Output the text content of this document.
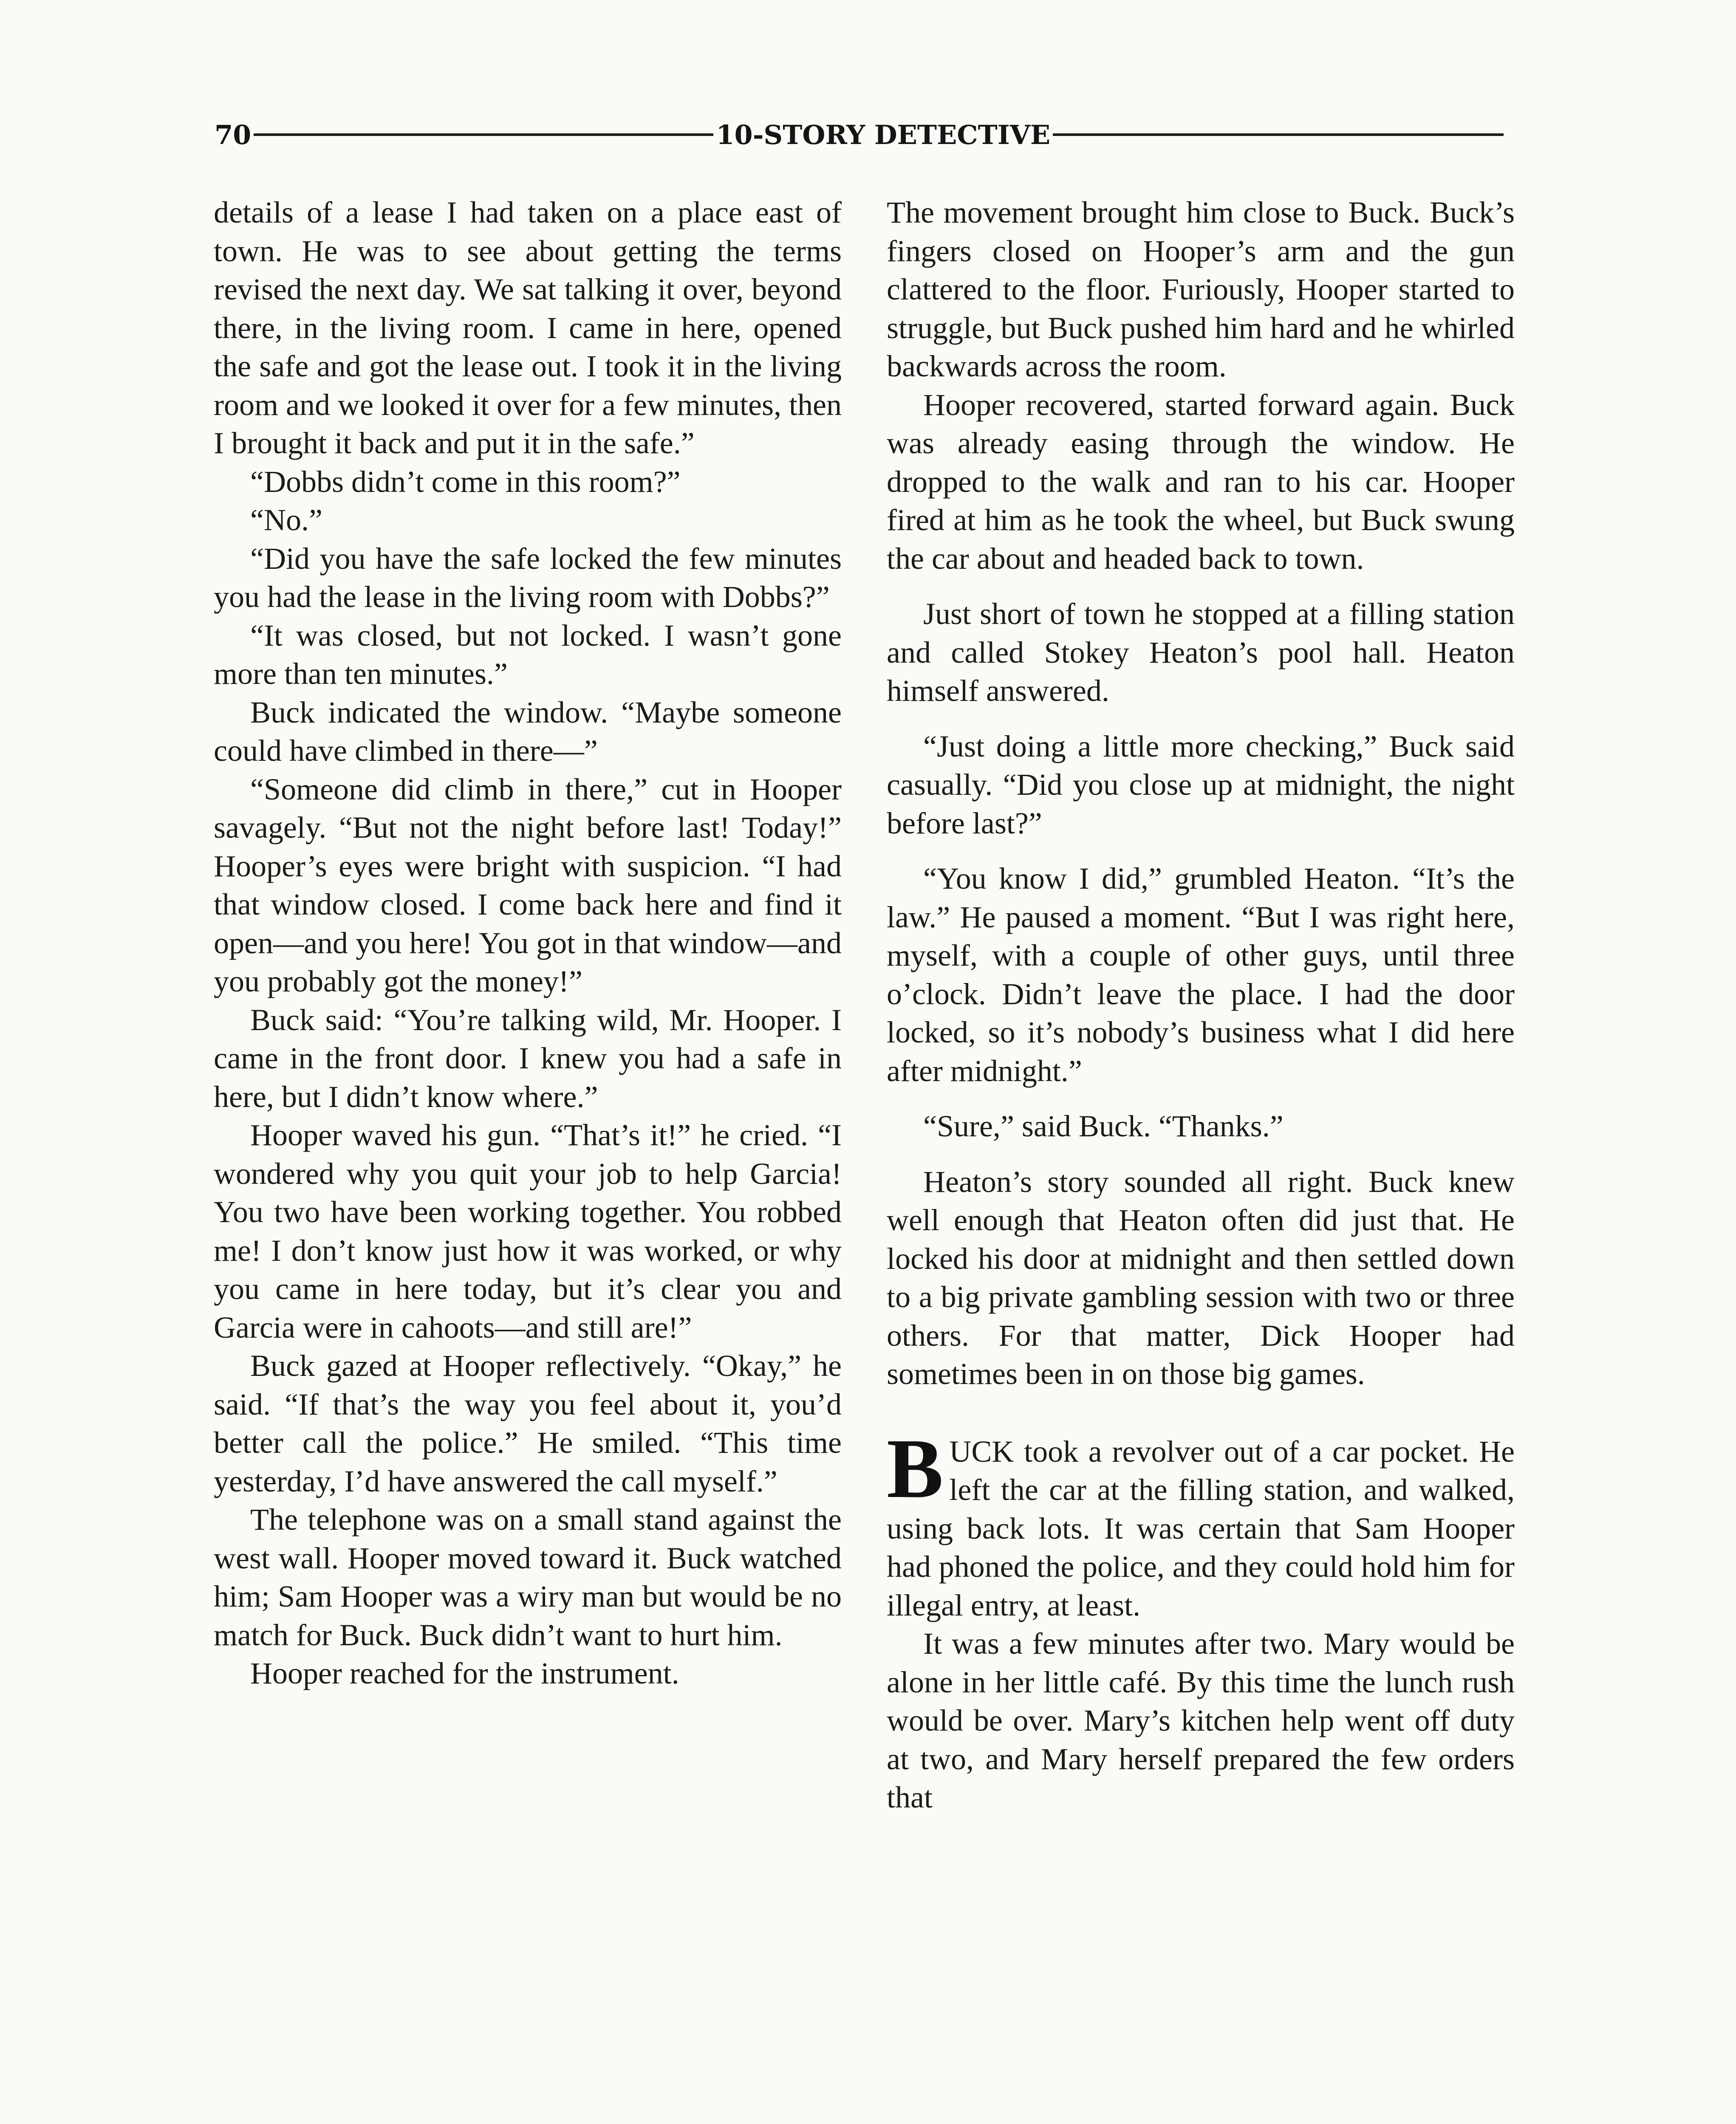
70	10-STORY DETECTIVE

details of a lease I had taken on a place east of town. He was to see about getting the terms revised the next day. We sat talking it over, beyond there, in the living room. I came in here, opened the safe and got the lease out. I took it in the living room and we looked it over for a few minutes, then I brought it back and put it in the safe.”

“Dobbs didn’t come in this room?”

“No.”

“Did you have the safe locked the few minutes you had the lease in the living room with Dobbs?”

“It was closed, but not locked. I wasn’t gone more than ten minutes.”

Buck indicated the window. “Maybe someone could have climbed in there—”

“Someone did climb in there,” cut in Hooper savagely. “But not the night before last! Today!” Hooper’s eyes were bright with suspicion. “I had that window closed. I come back here and find it open—and you here! You got in that window—and you probably got the money!”

Buck said: “You’re talking wild, Mr. Hooper. I came in the front door. I knew you had a safe in here, but I didn’t know where.”

Hooper waved his gun. “That’s it!” he cried. “I wondered why you quit your job to help Garcia! You two have been working together. You robbed me! I don’t know just how it was worked, or why you came in here today, but it’s clear you and Garcia were in cahoots—and still are!”

Buck gazed at Hooper reflectively. “Okay,” he said. “If that’s the way you feel about it, you’d better call the police.” He smiled. “This time yesterday, I’d have answered the call myself.”

The telephone was on a small stand against the west wall. Hooper moved toward it. Buck watched him; Sam Hooper was a wiry man but would be no match for Buck. Buck didn’t want to hurt him.

Hooper reached for the instrument.

The movement brought him close to Buck. Buck’s fingers closed on Hooper’s arm and the gun clattered to the floor. Furiously, Hooper started to struggle, but Buck pushed him hard and he whirled backwards across the room.

Hooper recovered, started forward again. Buck was already easing through the window. He dropped to the walk and ran to his car. Hooper fired at him as he took the wheel, but Buck swung the car about and headed back to town.

Just short of town he stopped at a filling station and called Stokey Heaton’s pool hall. Heaton himself answered.

“Just doing a little more checking,” Buck said casually. “Did you close up at midnight, the night before last?”

“You know I did,” grumbled Heaton. “It’s the law.” He paused a moment. “But I was right here, myself, with a couple of other guys, until three o’clock. Didn’t leave the place. I had the door locked, so it’s nobody’s business what I did here after midnight.”

“Sure,” said Buck. “Thanks.”

Heaton’s story sounded all right. Buck knew well enough that Heaton often did just that. He locked his door at midnight and then settled down to a big private gambling session with two or three others. For that matter, Dick Hooper had sometimes been in on those big games.

BUCK took a revolver out of a car pocket. He left the car at the filling station, and walked, using back lots. It was certain that Sam Hooper had phoned the police, and they could hold him for illegal entry, at least.

It was a few minutes after two. Mary would be alone in her little café. By this time the lunch rush would be over. Mary’s kitchen help went off duty at two, and Mary herself prepared the few orders that
